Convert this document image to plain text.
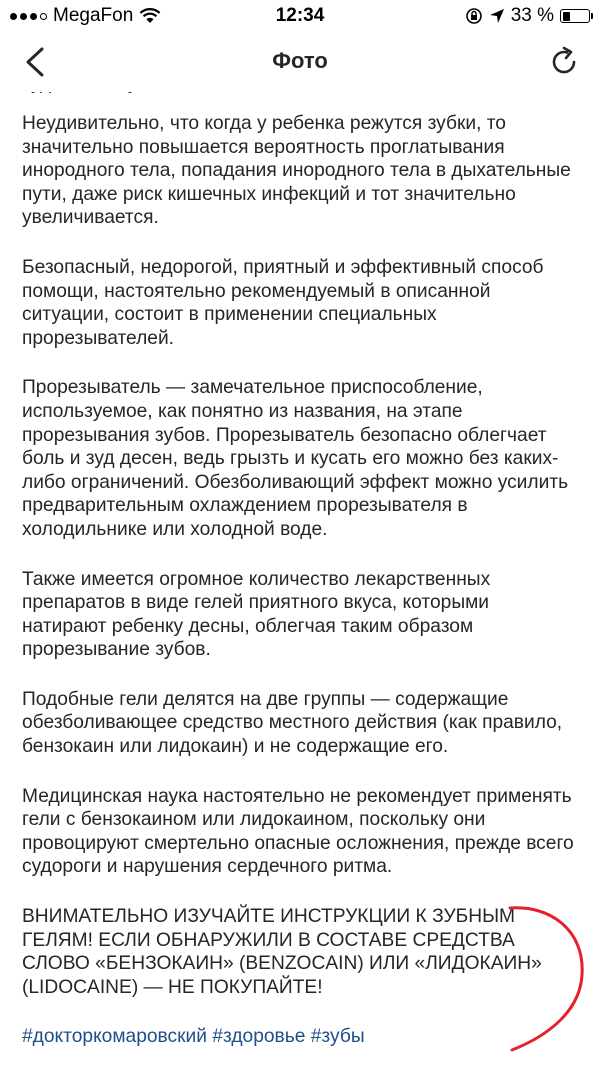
MegaFon	12:34	33 %
Фото

Неудивительно, что когда у ребенка режутся зубки, то значительно повышается вероятность проглатывания инородного тела, попадания инородного тела в дыхательные пути, даже риск кишечных инфекций и тот значительно увеличивается.

Безопасный, недорогой, приятный и эффективный способ помощи, настоятельно рекомендуемый в описанной ситуации, состоит в применении специальных прорезывателей.

Прорезыватель — замечательное приспособление, используемое, как понятно из названия, на этапе прорезывания зубов. Прорезыватель безопасно облегчает боль и зуд десен, ведь грызть и кусать его можно без каких-либо ограничений. Обезболивающий эффект можно усилить предварительным охлаждением прорезывателя в холодильнике или холодной воде.

Также имеется огромное количество лекарственных препаратов в виде гелей приятного вкуса, которыми натирают ребенку десны, облегчая таким образом прорезывание зубов.

Подобные гели делятся на две группы — содержащие обезболивающее средство местного действия (как правило, бензокаин или лидокаин) и не содержащие его.

Медицинская наука настоятельно не рекомендует применять гели с бензокаином или лидокаином, поскольку они провоцируют смертельно опасные осложнения, прежде всего судороги и нарушения сердечного ритма.

ВНИМАТЕЛЬНО ИЗУЧАЙТЕ ИНСТРУКЦИИ К ЗУБНЫМ ГЕЛЯМ! ЕСЛИ ОБНАРУЖИЛИ В СОСТАВЕ СРЕДСТВА СЛОВО «БЕНЗОКАИН» (BENZOCAIN) ИЛИ «ЛИДОКАИН» (LIDOCAINE) — НЕ ПОКУПАЙТЕ!

#докторкомаровский #здоровье #зубы
